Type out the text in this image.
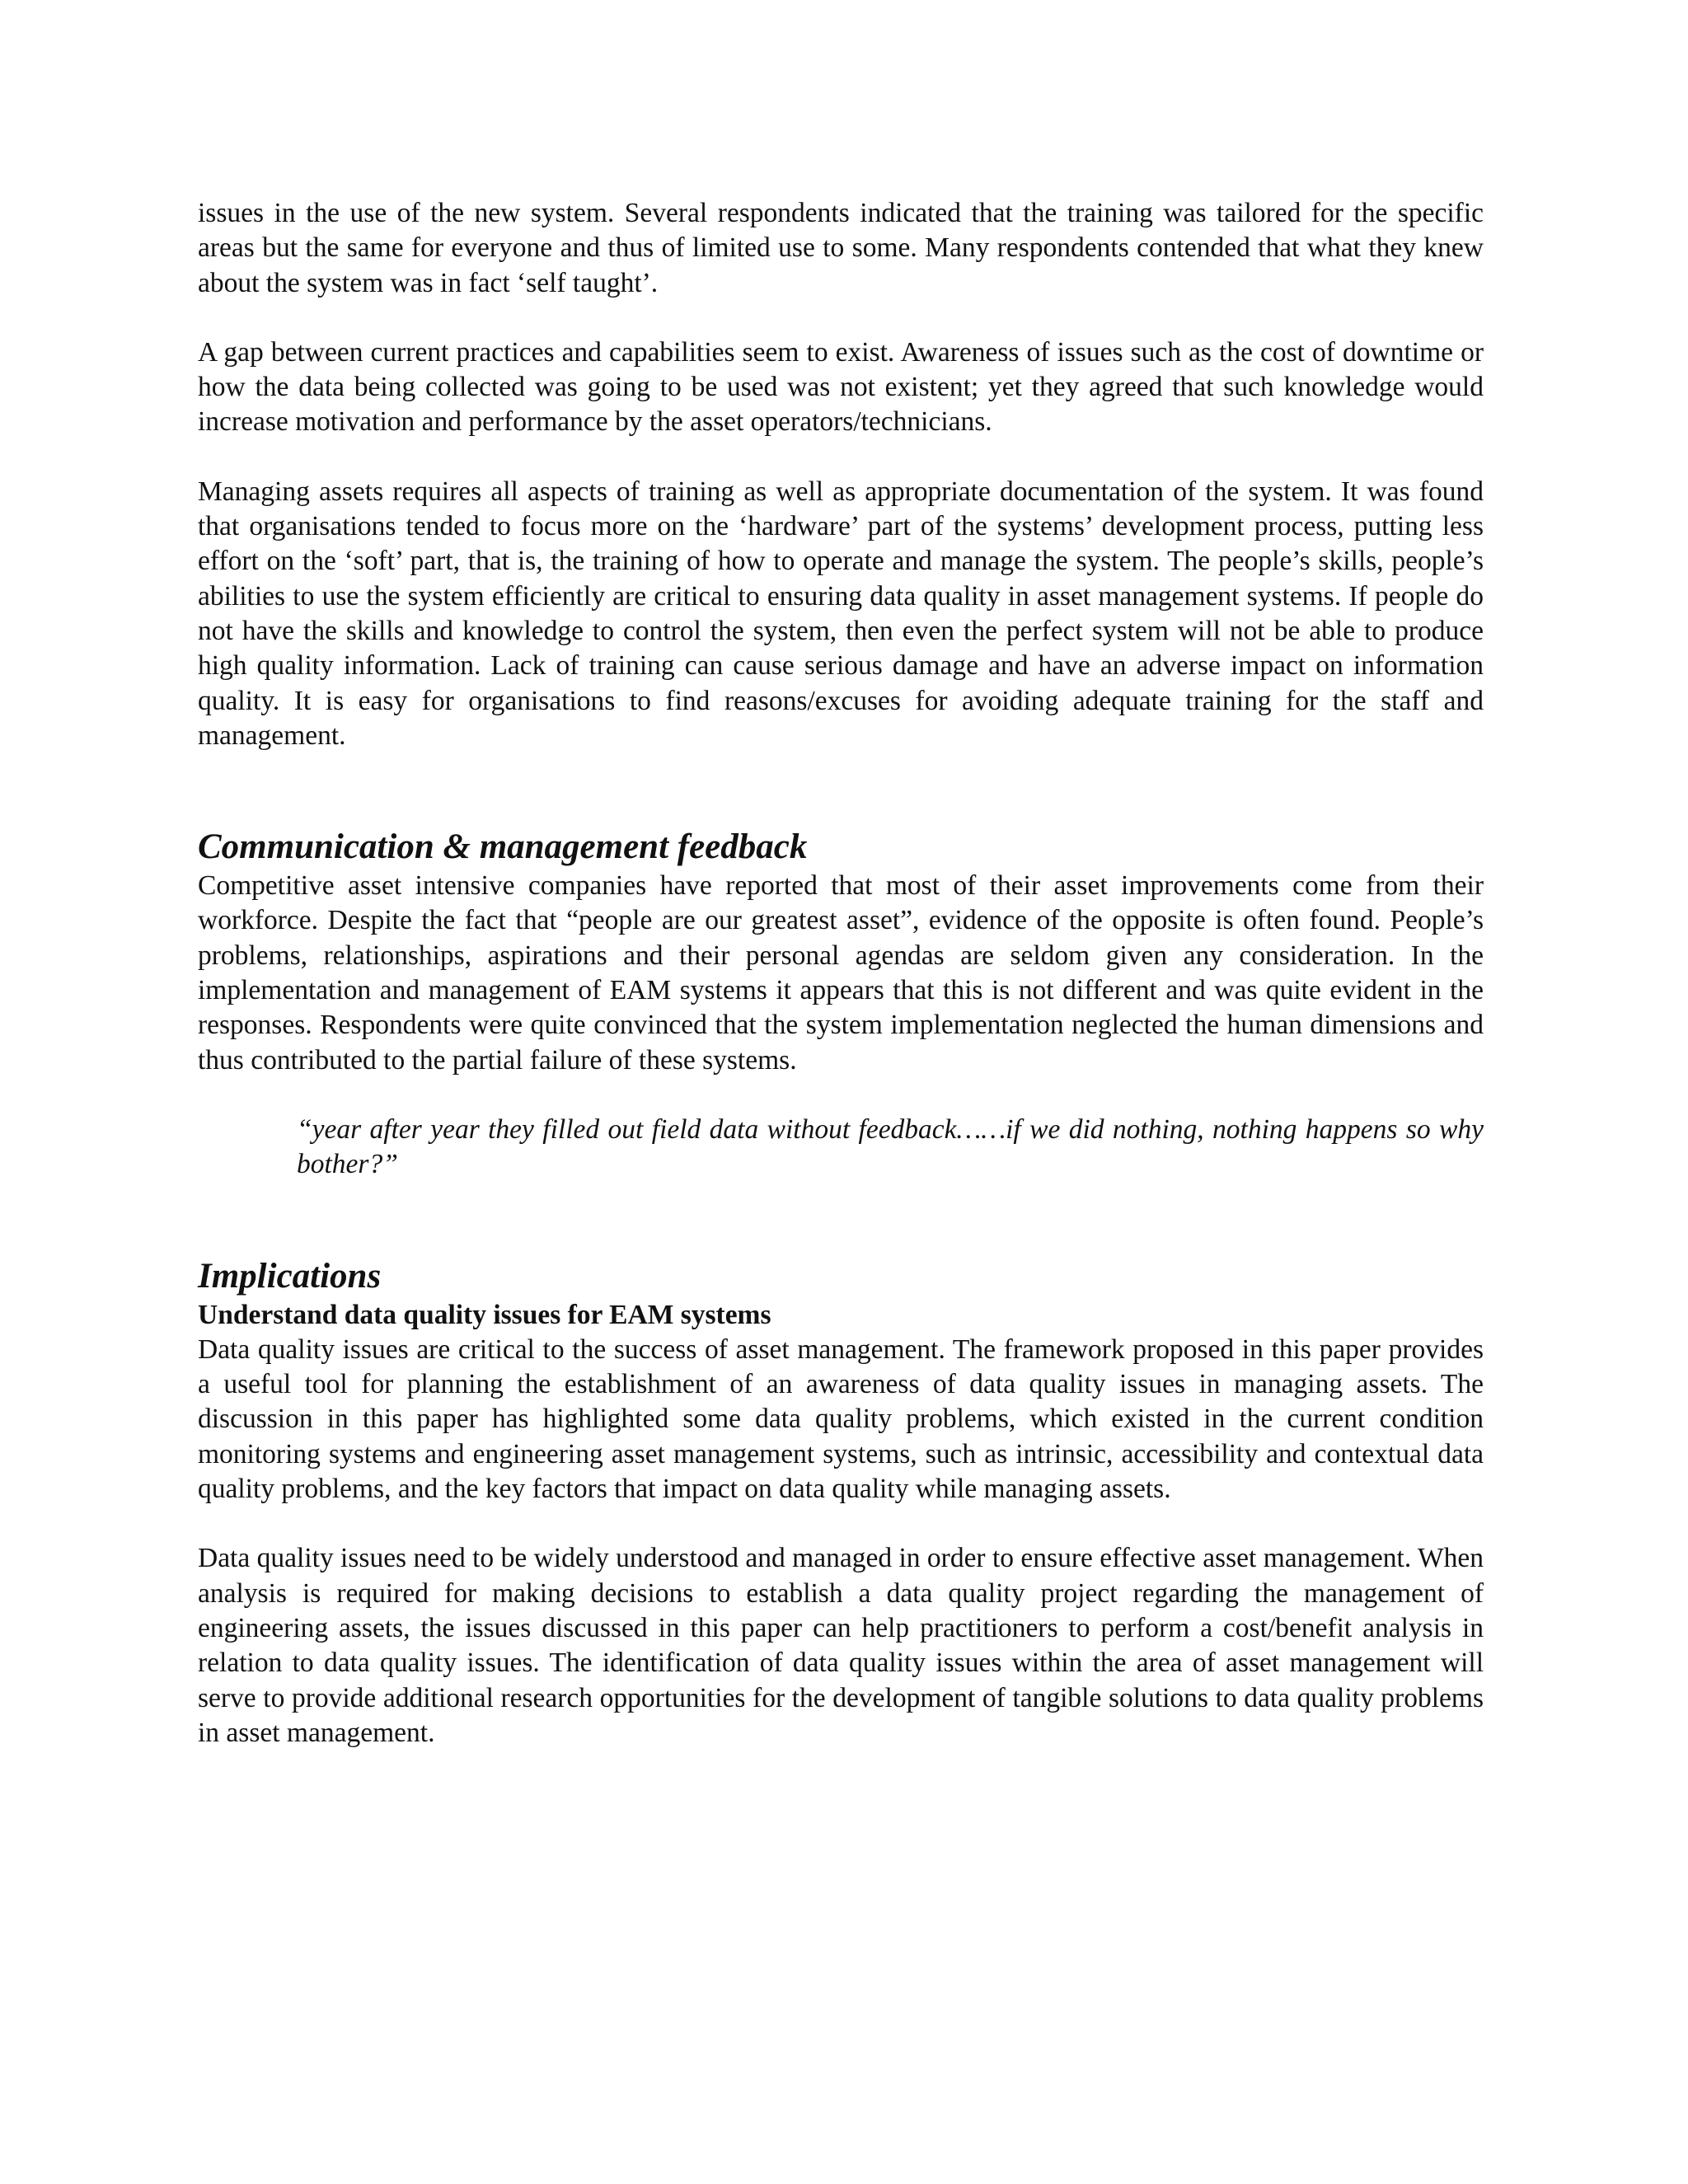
issues in the use of the new system. Several respondents indicated that the training was tailored for the specific areas but the same for everyone and thus of limited use to some. Many respondents contended that what they knew about the system was in fact ‘self taught’.

A gap between current practices and capabilities seem to exist. Awareness of issues such as the cost of downtime or how the data being collected was going to be used was not existent; yet they agreed that such knowledge would increase motivation and performance by the asset operators/technicians.

Managing assets requires all aspects of training as well as appropriate documentation of the system. It was found that organisations tended to focus more on the ‘hardware’ part of the systems’ development process, putting less effort on the ‘soft’ part, that is, the training of how to operate and manage the system. The people’s skills, people’s abilities to use the system efficiently are critical to ensuring data quality in asset management systems. If people do not have the skills and knowledge to control the system, then even the perfect system will not be able to produce high quality information. Lack of training can cause serious damage and have an adverse impact on information quality. It is easy for organisations to find reasons/excuses for avoiding adequate training for the staff and management.

Communication & management feedback

Competitive asset intensive companies have reported that most of their asset improvements come from their workforce. Despite the fact that “people are our greatest asset”, evidence of the opposite is often found. People’s problems, relationships, aspirations and their personal agendas are seldom given any consideration. In the implementation and management of EAM systems it appears that this is not different and was quite evident in the responses. Respondents were quite convinced that the system implementation neglected the human dimensions and thus contributed to the partial failure of these systems.

“year after year they filled out field data without feedback……if we did nothing, nothing happens so why bother?”

Implications
Understand data quality issues for EAM systems

Data quality issues are critical to the success of asset management. The framework proposed in this paper provides a useful tool for planning the establishment of an awareness of data quality issues in managing assets. The discussion in this paper has highlighted some data quality problems, which existed in the current condition monitoring systems and engineering asset management systems, such as intrinsic, accessibility and contextual data quality problems, and the key factors that impact on data quality while managing assets.

Data quality issues need to be widely understood and managed in order to ensure effective asset management. When analysis is required for making decisions to establish a data quality project regarding the management of engineering assets, the issues discussed in this paper can help practitioners to perform a cost/benefit analysis in relation to data quality issues. The identification of data quality issues within the area of asset management will serve to provide additional research opportunities for the development of tangible solutions to data quality problems in asset management.
